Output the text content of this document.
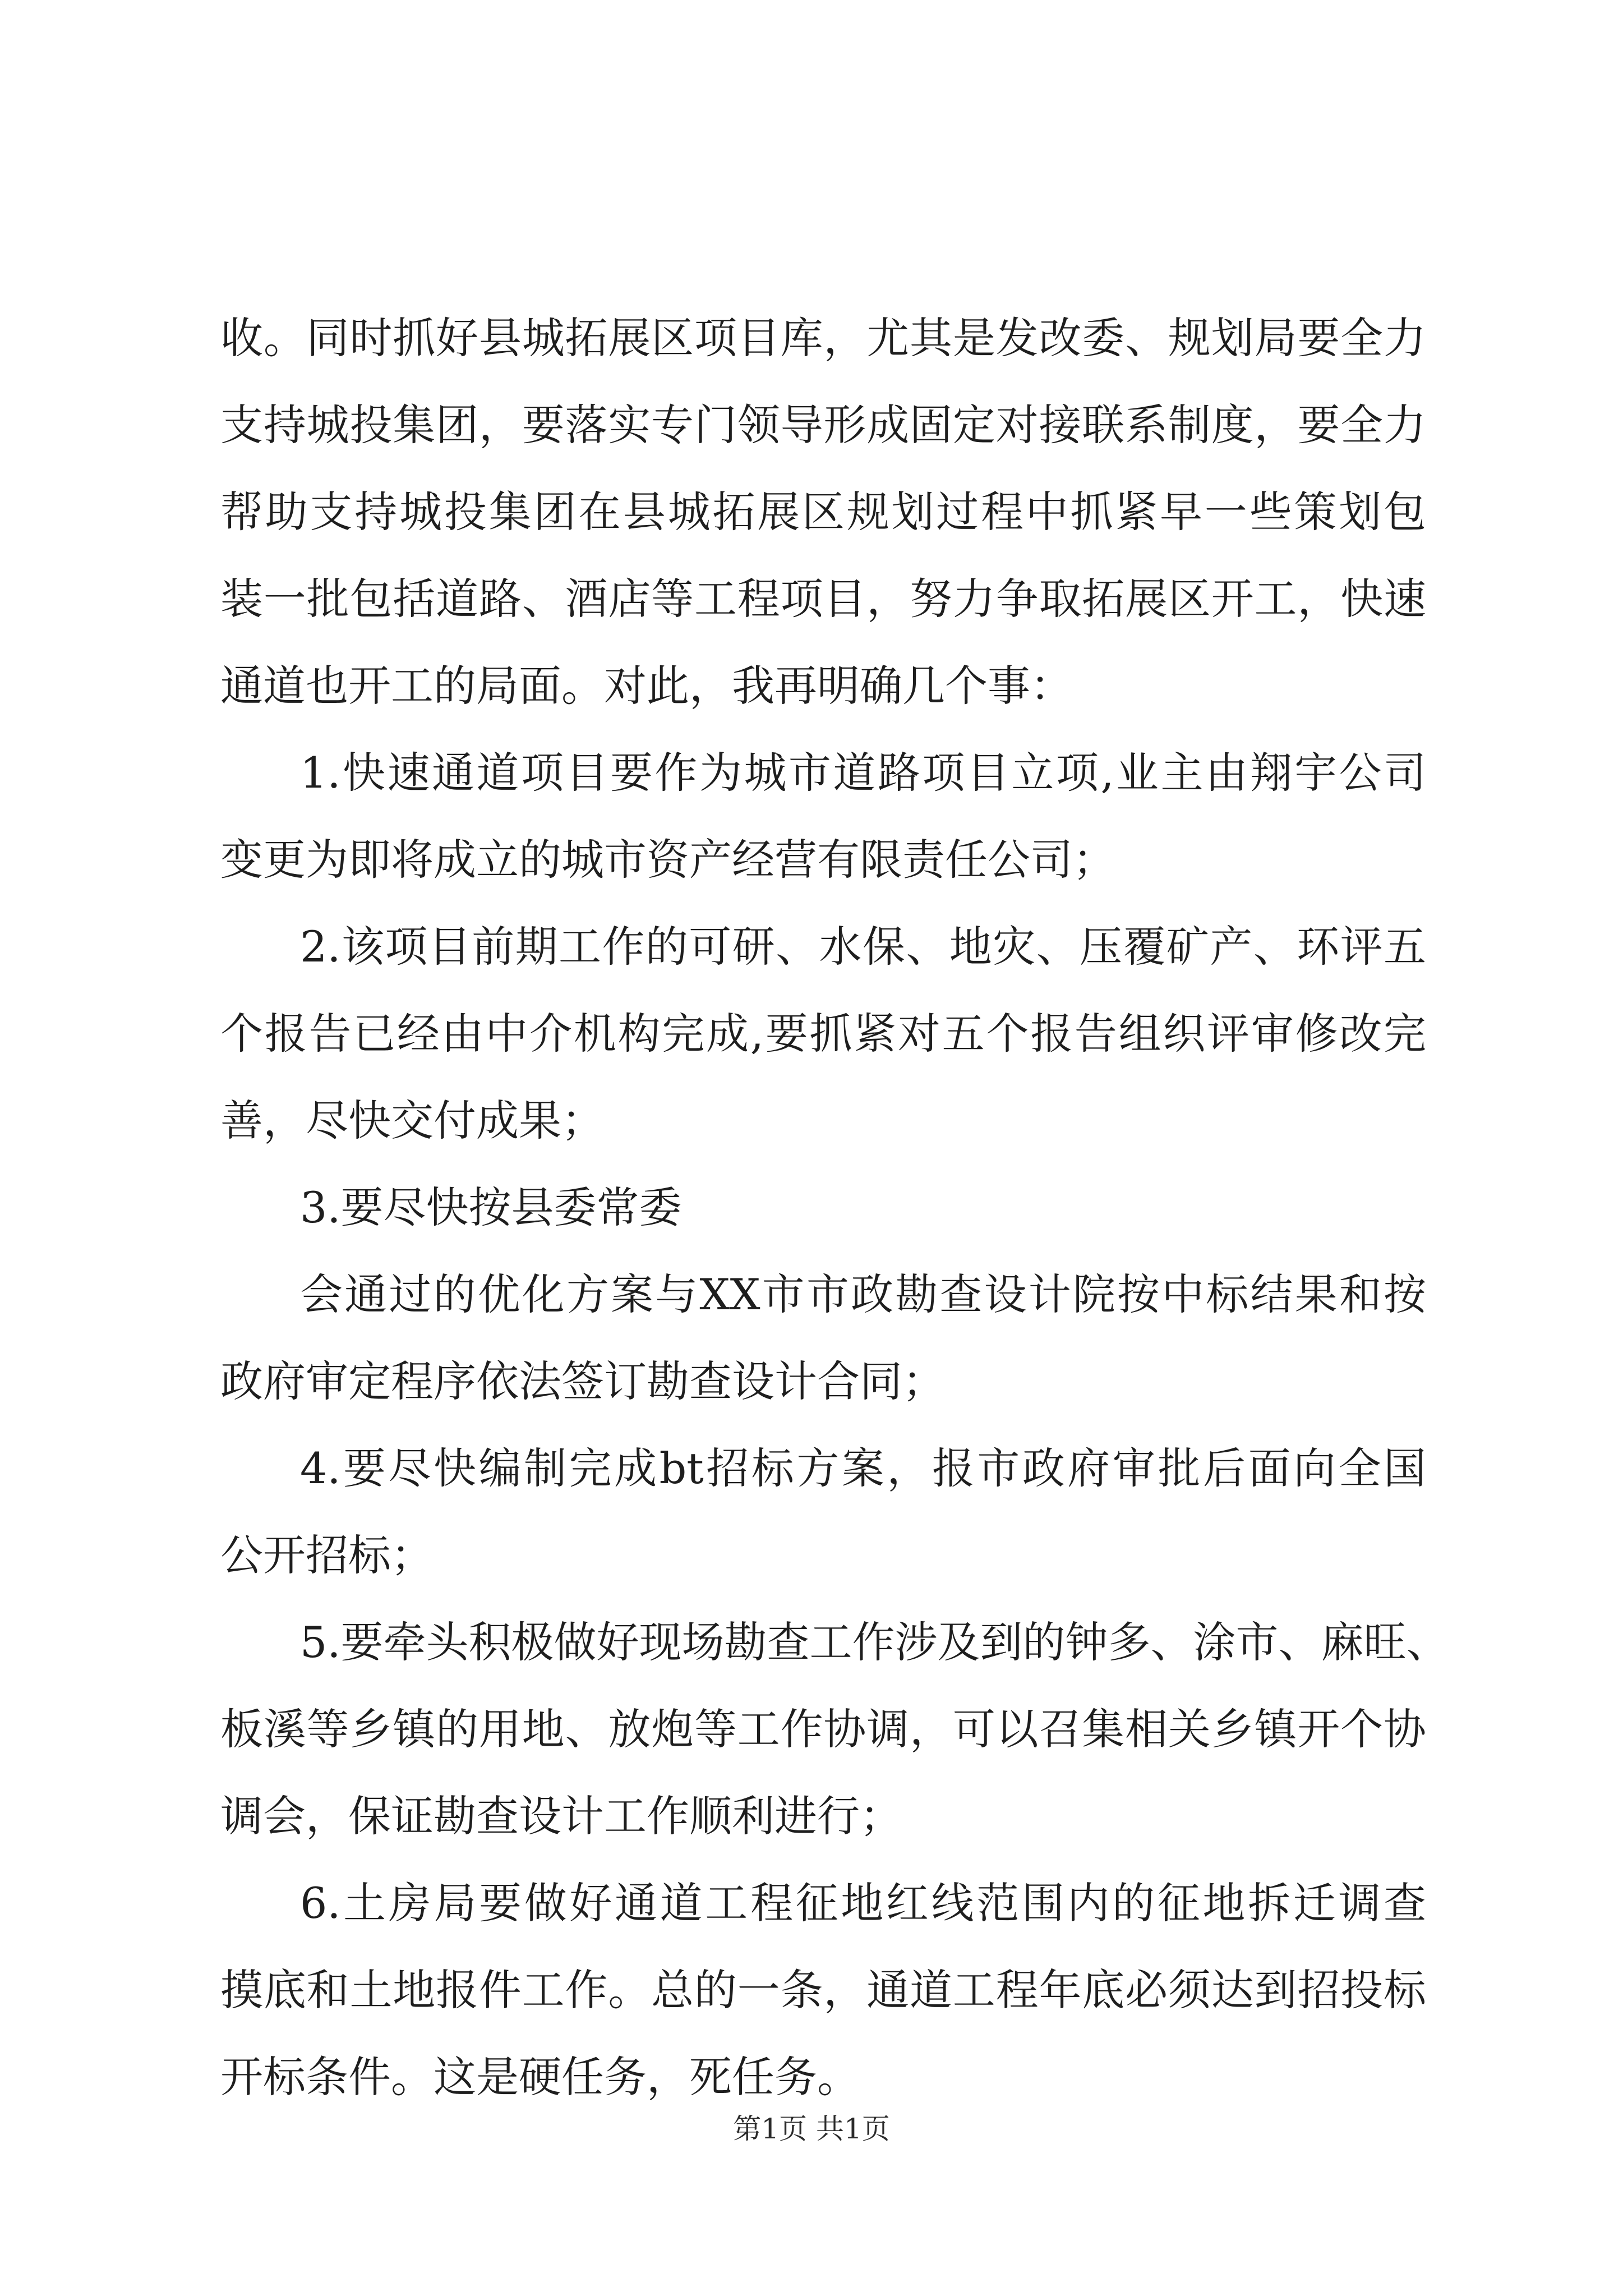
收。同时抓好县城拓展区项目库，尤其是发改委、规划局要全力
支持城投集团，要落实专门领导形成固定对接联系制度，要全力
帮助支持城投集团在县城拓展区规划过程中抓紧早一些策划包
装一批包括道路、酒店等工程项目，努力争取拓展区开工，快速
通道也开工的局面。对此，我再明确几个事：
1.快速通道项目要作为城市道路项目立项,业主由翔宇公司
变更为即将成立的城市资产经营有限责任公司；
2.该项目前期工作的可研、水保、地灾、压覆矿产、环评五
个报告已经由中介机构完成,要抓紧对五个报告组织评审修改完
善，尽快交付成果；
3.要尽快按县委常委
会通过的优化方案与XX市市政勘查设计院按中标结果和按
政府审定程序依法签订勘查设计合同；
4.要尽快编制完成bt招标方案，报市政府审批后面向全国
公开招标；
5.要牵头积极做好现场勘查工作涉及到的钟多、涂市、麻旺、
板溪等乡镇的用地、放炮等工作协调，可以召集相关乡镇开个协
调会，保证勘查设计工作顺利进行；
6.土房局要做好通道工程征地红线范围内的征地拆迁调查
摸底和土地报件工作。总的一条，通道工程年底必须达到招投标
开标条件。这是硬任务，死任务。
第1页 共1页
